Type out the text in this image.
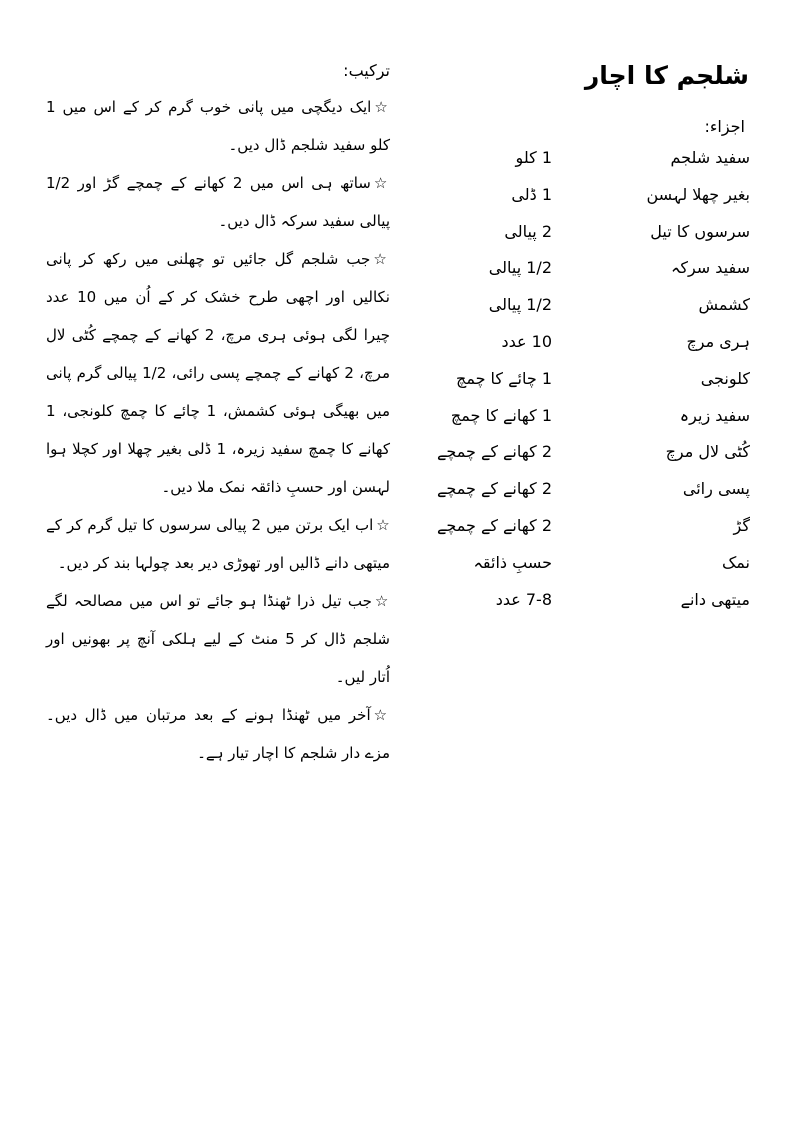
شلجم کا اچار
اجزاء:
سفید شلجم
1 کلو
بغیر چھلا لہسن
1 ڈلی
سرسوں کا تیل
2 پیالی
سفید سرکہ
1/2 پیالی
کشمش
1/2 پیالی
ہری مرچ
10 عدد
کلونجی
1 چائے کا چمچ
سفید زیرہ
1 کھانے کا چمچ
کُٹی لال مرچ
2 کھانے کے چمچے
پسی رائی
2 کھانے کے چمچے
گڑ
2 کھانے کے چمچے
نمک
حسبِ ذائقہ
میتھی دانے
7-8 عدد
ترکیب:

☆ایک دیگچی میں پانی خوب گرم کر کے اس میں 1 کلو سفید شلجم ڈال دیں۔

☆ساتھ ہی اس میں 2 کھانے کے چمچے گڑ اور 1/2 پیالی سفید سرکہ ڈال دیں۔

☆جب شلجم گل جائیں تو چھلنی میں رکھ کر پانی نکالیں اور اچھی طرح خشک کر کے اُن میں 10 عدد چیرا لگی ہوئی ہری مرچ، 2 کھانے کے چمچے کُٹی لال مرچ، 2 کھانے کے چمچے پسی رائی، 1/2 پیالی گرم پانی میں بھیگی ہوئی کشمش، 1 چائے کا چمچ کلونجی، 1 کھانے کا چمچ سفید زیرہ، 1 ڈلی بغیر چھلا اور کچلا ہوا لہسن اور حسبِ ذائقہ نمک ملا دیں۔

☆اب ایک برتن میں 2 پیالی سرسوں کا تیل گرم کر کے میتھی دانے ڈالیں اور تھوڑی دیر بعد چولہا بند کر دیں۔

☆جب تیل ذرا ٹھنڈا ہو جائے تو اس میں مصالحہ لگے شلجم ڈال کر 5 منٹ کے لیے ہلکی آنچ پر بھونیں اور اُتار لیں۔

☆آخر میں ٹھنڈا ہونے کے بعد مرتبان میں ڈال دیں۔ مزے دار شلجم کا اچار تیار ہے۔
